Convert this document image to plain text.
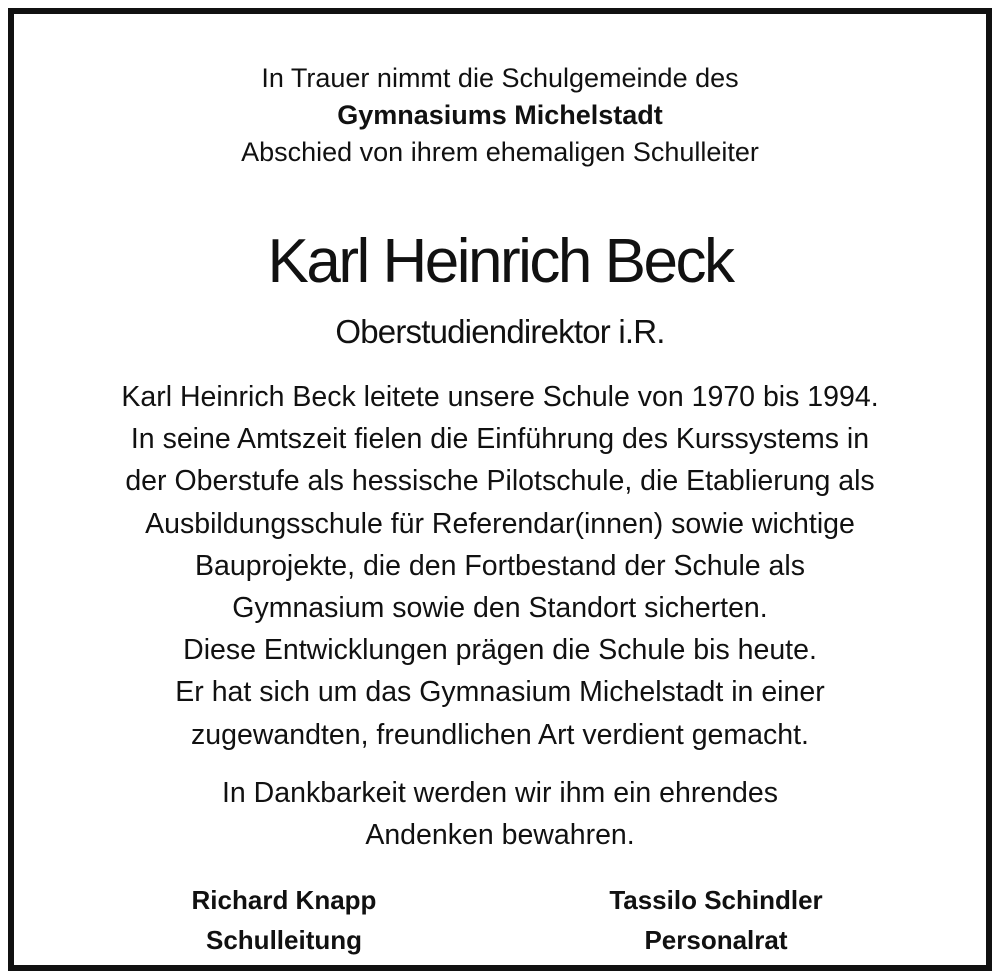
In Trauer nimmt die Schulgemeinde des
Gymnasiums Michelstadt
Abschied von ihrem ehemaligen Schulleiter
Karl Heinrich Beck
Oberstudiendirektor i.R.
Karl Heinrich Beck leitete unsere Schule von 1970 bis 1994.
In seine Amtszeit fielen die Einführung des Kurssystems in
der Oberstufe als hessische Pilotschule, die Etablierung als
Ausbildungsschule für Referendar(innen) sowie wichtige
Bauprojekte, die den Fortbestand der Schule als
Gymnasium sowie den Standort sicherten.
Diese Entwicklungen prägen die Schule bis heute.
Er hat sich um das Gymnasium Michelstadt in einer
zugewandten, freundlichen Art verdient gemacht.
In Dankbarkeit werden wir ihm ein ehrendes
Andenken bewahren.
Richard Knapp
Schulleitung
Tassilo Schindler
Personalrat
